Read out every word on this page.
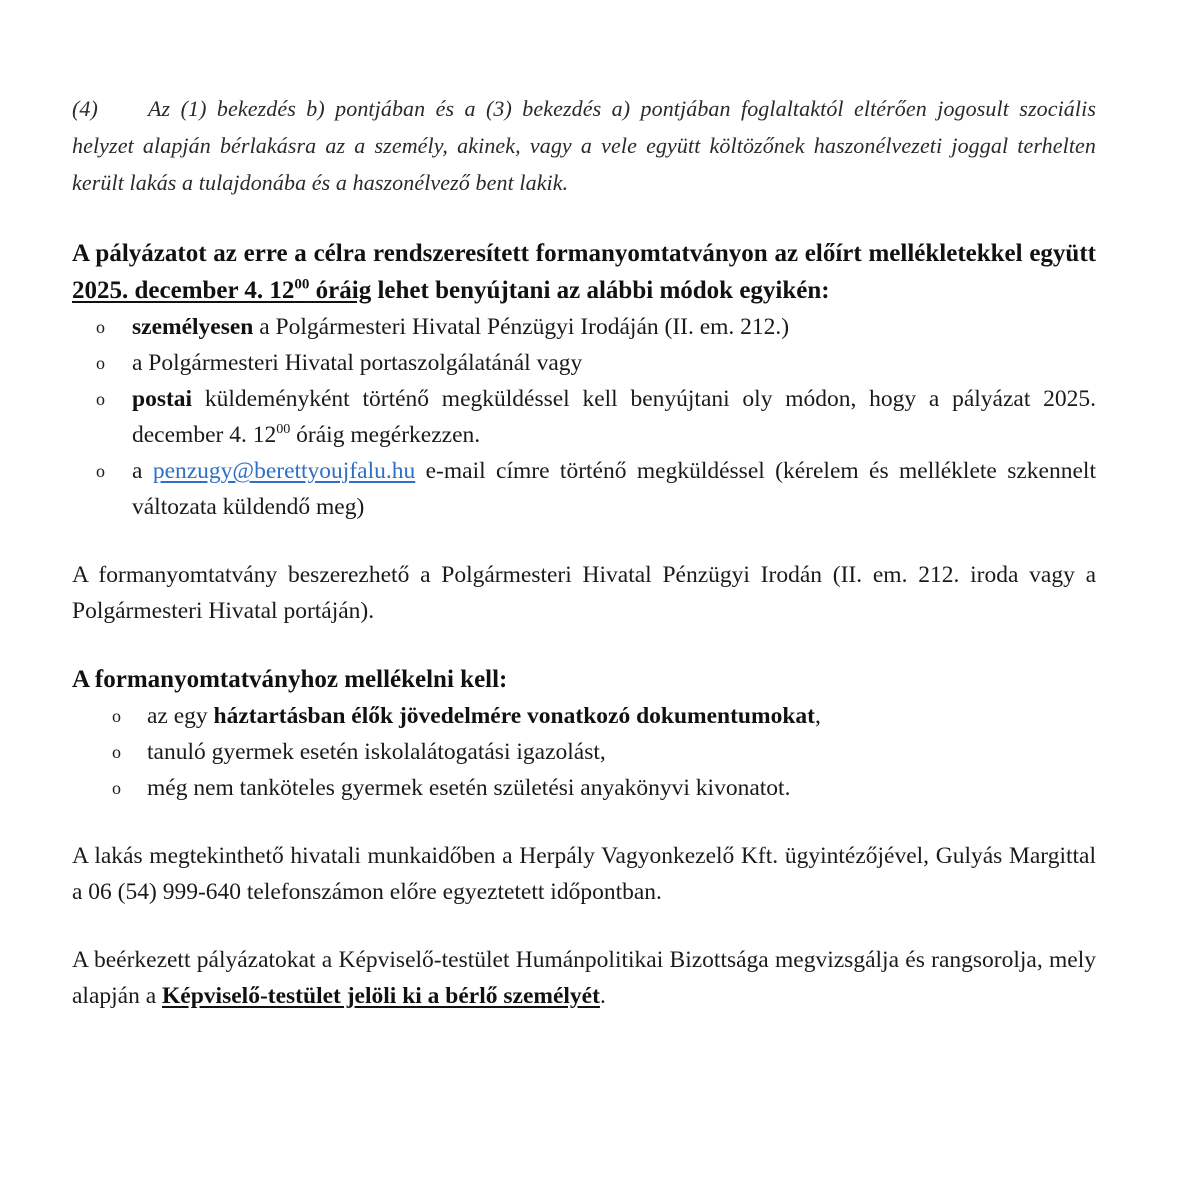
(4) Az (1) bekezdés b) pontjában és a (3) bekezdés a) pontjában foglaltaktól eltérően jogosult szociális helyzet alapján bérlakásra az a személy, akinek, vagy a vele együtt költözőnek haszonélvezeti joggal terhelten került lakás a tulajdonába és a haszonélvező bent lakik.

A pályázatot az erre a célra rendszeresített formanyomtatványon az előírt mellékletekkel együtt 2025. december 4. $12^{00}$ óráig lehet benyújtani az alábbi módok egyikén:

o személyesen a Polgármesteri Hivatal Pénzügyi Irodáján (II. em. 212.)
o a Polgármesteri Hivatal portaszolgálatánál vagy
o postai küldeményként történő megküldéssel kell benyújtani oly módon, hogy a pályázat 2025. december 4. $12^{00}$ óráig megérkezzen.
o a penzugy@berettyoujfalu.hu e-mail címre történő megküldéssel (kérelem és melléklete szkennelt változata küldendő meg)

A formanyomtatvány beszerezhető a Polgármesteri Hivatal Pénzügyi Irodán (II. em. 212. iroda vagy a Polgármesteri Hivatal portáján).

A formanyomtatványhoz mellékelni kell:

o az egy háztartásban élők jövedelmére vonatkozó dokumentumokat,
o tanuló gyermek esetén iskolalátogatási igazolást,
o még nem tanköteles gyermek esetén születési anyakönyvi kivonatot.

A lakás megtekinthető hivatali munkaidőben a Herpály Vagyonkezelő Kft. ügyintézőjével, Gulyás Margittal a 06 (54) 999-640 telefonszámon előre egyeztetett időpontban.

A beérkezett pályázatokat a Képviselő-testület Humánpolitikai Bizottsága megvizsgálja és rangsorolja, mely alapján a Képviselő-testület jelöli ki a bérlő személyét.
